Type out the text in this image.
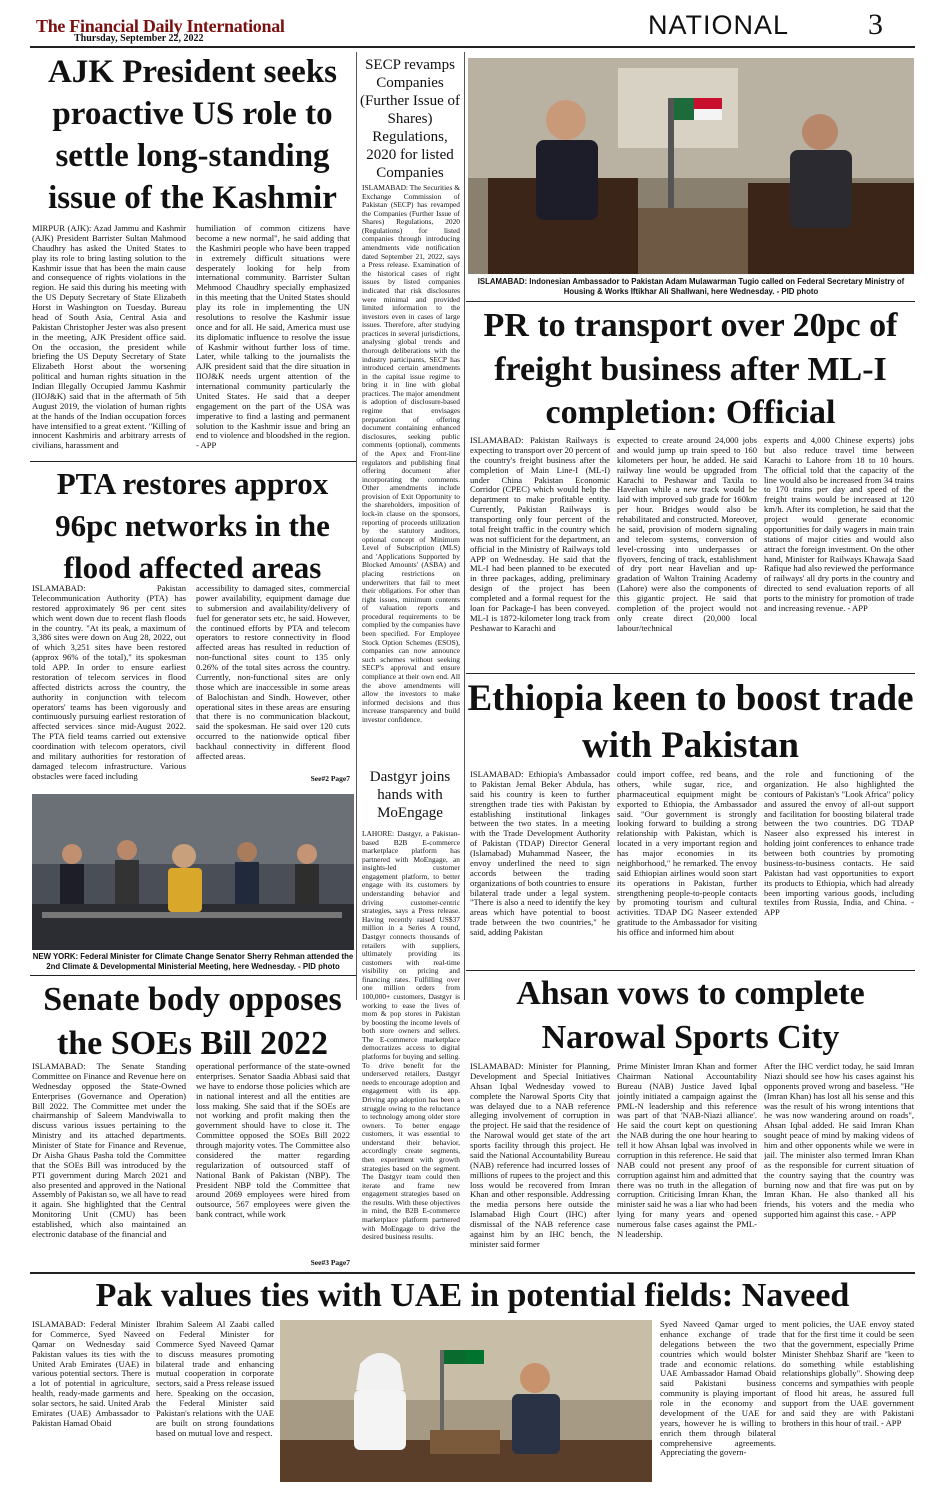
The Financial Daily International
Thursday, September 22, 2022	NATIONAL	3
AJK President seeks proactive US role to settle long-standing issue of the Kashmir
MIRPUR (AJK): Azad Jammu and Kashmir (AJK) President Barrister Sultan Mahmood Chaudhry has asked the United States to play its role to bring lasting solution to the Kashmir issue that has been the main cause and consequence of rights violations in the region. He said this during his meeting with the US Deputy Secretary of State Elizabeth Horst in Washington on Tuesday. Bureau head of South Asia, Central Asia and Pakistan Christopher Jester was also present in the meeting, AJK President office said. On the occasion, the president while briefing the US Deputy Secretary of State Elizabeth Horst about the worsening political and human rights situation in the Indian Illegally Occupied Jammu Kashmir (IIOJ&K) said that in the aftermath of 5th August 2019, the violation of human rights at the hands of the Indian occupation forces have intensified to a great extent. "Killing of innocent Kashmiris and arbitrary arrests of civilians, harassment and
humiliation of common citizens have become a new normal", he said adding that the Kashmiri people who have been trapped in extremely difficult situations were desperately looking for help from international community. Barrister Sultan Mehmood Chaudhry specially emphasized in this meeting that the United States should play its role in implementing the UN resolutions to resolve the Kashmir issue once and for all. He said, America must use its diplomatic influence to resolve the issue of Kashmir without further loss of time. Later, while talking to the journalists the AJK president said that the dire situation in IIOJ&K needs urgent attention of the international community particularly the United States. He said that a deeper engagement on the part of the USA was imperative to find a lasting and permanent solution to the Kashmir issue and bring an end to violence and bloodshed in the region. - APP
SECP revamps Companies (Further Issue of Shares) Regulations, 2020 for listed Companies
ISLAMABAD: The Securities & Exchange Commission of Pakistan (SECP) has revamped the Companies (Further Issue of Shares) Regulations, 2020 (Regulations) for listed companies through introducing amendments vide notification dated September 21, 2022, says a Press release. Examination of the historical cases of right issues by listed companies indicated that risk disclosures were minimal and provided limited information to the investors even in cases of large issues. Therefore, after studying practices in several jurisdictions, analysing global trends and thorough deliberations with the industry participants, SECP has introduced certain amendments in the capital issue regime to bring it in line with global practices. The major amendment is adoption of disclosure-based regime that envisages preparation of offering document containing enhanced disclosures, seeking public comments (optional), comments of the Apex and Front-line regulators and publishing final offering document after incorporating the comments. Other amendments include provision of Exit Opportunity to the shareholders, imposition of lock-in clause on the sponsors, reporting of proceeds utilization by the statutory auditors, optional concept of Minimum Level of Subscription (MLS) and 'Applications Supported by Blocked Amounts' (ASBA) and placing restrictions on underwriters that fail to meet their obligations. For other than right issues, minimum contents of valuation reports and procedural requirements to be complied by the companies have been specified. For Employee Stock Option Schemes (ESOS), companies can now announce such schemes without seeking SECP's approval and ensure compliance at their own end. All the above amendments will allow the investors to make informed decisions and thus increase transparency and build investor confidence.
ISLAMABAD: Indonesian Ambassador to Pakistan Adam Mulawarman Tugio called on Federal Secretary Ministry of Housing & Works Iftikhar Ali Shallwani, here Wednesday. - PID photo
PR to transport over 20pc of freight business after ML-I completion: Official
ISLAMABAD: Pakistan Railways is expecting to transport over 20 percent of the country's freight business after the completion of Main Line-I (ML-I) under China Pakistan Economic Corridor (CPEC) which would help the department to make profitable entity. Currently, Pakistan Railways is transporting only four percent of the total freight traffic in the country which was not sufficient for the department, an official in the Ministry of Railways told APP on Wednesday. He said that the ML-I had been planned to be executed in three packages, adding, preliminary design of the project has been completed and a formal request for the loan for Package-I has been conveyed. ML-I is 1872-kilometer long track from Peshawar to Karachi and
expected to create around 24,000 jobs and would jump up train speed to 160 kilometers per hour, he added. He said railway line would be upgraded from Karachi to Peshawar and Taxila to Havelian while a new track would be laid with improved sub grade for 160km per hour. Bridges would also be rehabilitated and constructed. Moreover, he said, provision of modern signaling and telecom systems, conversion of level-crossing into underpasses or flyovers, fencing of track, establishment of dry port near Havelian and up-gradation of Walton Training Academy (Lahore) were also the components of this gigantic project. He said that completion of the project would not only create direct (20,000 local labour/technical
experts and 4,000 Chinese experts) jobs but also reduce travel time between Karachi to Lahore from 18 to 10 hours. The official told that the capacity of the line would also be increased from 34 trains to 170 trains per day and speed of the freight trains would be increased at 120 km/h. After its completion, he said that the project would generate economic opportunities for daily wagers in main train stations of major cities and would also attract the foreign investment. On the other hand, Minister for Railways Khawaja Saad Rafique had also reviewed the performance of railways' all dry ports in the country and directed to send evaluation reports of all ports to the ministry for promotion of trade and increasing revenue. - APP
PTA restores approx 96pc networks in the flood affected areas
ISLAMABAD: Pakistan Telecommunication Authority (PTA) has restored approximately 96 per cent sites which went down due to recent flash floods in the country. "At its peak, a maximum of 3,386 sites were down on Aug 28, 2022, out of which 3,251 sites have been restored (approx 96% of the total)," its spokesman told APP. In order to ensure earliest restoration of telecom services in flood affected districts across the country, the authority in conjunction with telecom operators' teams has been vigorously and continuously pursuing earliest restoration of affected services since mid-August 2022. The PTA field teams carried out extensive coordination with telecom operators, civil and military authorities for restoration of damaged telecom infrastructure. Various obstacles were faced including
accessibility to damaged sites, commercial power availability, equipment damage due to submersion and availability/delivery of fuel for generator sets etc, he said. However, the continued efforts by PTA and telecom operators to restore connectivity in flood affected areas has resulted in reduction of non-functional sites count to 135 only 0.26% of the total sites across the country. Currently, non-functional sites are only those which are inaccessible in some areas of Balochistan and Sindh. However, other operational sites in these areas are ensuring that there is no communication blackout, said the spokesman. He said over 120 cuts occurred to the nationwide optical fiber backhaul connectivity in different flood affected areas.
See#2 Page7
NEW YORK: Federal Minister for Climate Change Senator Sherry Rehman attended the 2nd Climate & Developmental Ministerial Meeting, here Wednesday. - PID photo
Dastgyr joins hands with MoEngage
LAHORE: Dastgyr, a Pakistan-based B2B E-commerce marketplace platform has partnered with MoEngage, an insights-led customer engagement platform, to better engage with its customers by understanding behavior and driving customer-centric strategies, says a Press release. Having recently raised US$37 million in a Series A round, Dastgyr connects thousands of retailers with suppliers, ultimately providing its customers with real-time visibility on pricing and financing rates. Fulfilling over one million orders from 100,000+ customers, Dastgyr is working to ease the lives of mom & pop stores in Pakistan by boosting the income levels of both store owners and sellers. The E-commerce marketplace democratizes access to digital platforms for buying and selling. To drive benefit for the underserved retailers, Dastgyr needs to encourage adoption and engagement with its app. Driving app adoption has been a struggle owing to the reluctance to technology among older store owners. To better engage customers, it was essential to understand their behavior, accordingly create segments, then experiment with growth strategies based on the segment. The Dastgyr team could then iterate and frame new engagement strategies based on the results. With these objectives in mind, the B2B E-commerce marketplace platform partnered with MoEngage to drive the desired business results.
Ethiopia keen to boost trade with Pakistan
ISLAMABAD: Ethiopia's Ambassador to Pakistan Jemal Beker Abdula, has said his country is keen to further strengthen trade ties with Pakistan by establishing institutional linkages between the two states. In a meeting with the Trade Development Authority of Pakistan (TDAP) Director General (Islamabad) Muhammad Naseer, the envoy underlined the need to sign accords between the trading organizations of both countries to ensure bilateral trade under a legal system. "There is also a need to identify the key areas which have potential to boost trade between the two countries," he said, adding Pakistan
could import coffee, red beans, and others, while sugar, rice, and pharmaceutical equipment might be exported to Ethiopia, the Ambassador said. "Our government is strongly looking forward to building a strong relationship with Pakistan, which is located in a very important region and has major economies in its neighborhood," he remarked. The envoy said Ethiopian airlines would soon start its operations in Pakistan, further strengthening people-to-people contacts by promoting tourism and cultural activities. TDAP DG Naseer extended gratitude to the Ambassador for visiting his office and informed him about
the role and functioning of the organization. He also highlighted the contours of Pakistan's "Look Africa" policy and assured the envoy of all-out support and facilitation for boosting bilateral trade between the two countries. DG TDAP Naseer also expressed his interest in holding joint conferences to enhance trade between both countries by promoting business-to-business contacts. He said Pakistan had vast opportunities to export its products to Ethiopia, which had already been importing various goods, including textiles from Russia, India, and China. - APP
Senate body opposes the SOEs Bill 2022
ISLAMABAD: The Senate Standing Committee on Finance and Revenue here on Wednesday opposed the State-Owned Enterprises (Governance and Operation) Bill 2022. The Committee met under the chairmanship of Saleem Mandviwalla to discuss various issues pertaining to the Ministry and its attached departments. Minister of State for Finance and Revenue, Dr Aisha Ghaus Pasha told the Committee that the SOEs Bill was introduced by the PTI government during March 2021 and also presented and approved in the National Assembly of Pakistan so, we all have to read it again. She highlighted that the Central Monitoring Unit (CMU) has been established, which also maintained an electronic database of the financial and
operational performance of the state-owned enterprises. Senator Saadia Abbasi said that we have to endorse those policies which are in national interest and all the entities are loss making. She said that if the SOEs are not working and profit making then the government should have to close it. The Committee opposed the SOEs Bill 2022 through majority votes. The Committee also considered the matter regarding regularization of outsourced staff of National Bank of Pakistan (NBP). The President NBP told the Committee that around 2069 employees were hired from outsource, 567 employees were given the bank contract, while work
See#3 Page7
Ahsan vows to complete Narowal Sports City
ISLAMABAD: Minister for Planning, Development and Special Initiatives Ahsan Iqbal Wednesday vowed to complete the Narowal Sports City that was delayed due to a NAB reference alleging involvement of corruption in the project. He said that the residence of the Narowal would get state of the art sports facility through this project. He said the National Accountability Bureau (NAB) reference had incurred losses of millions of rupees to the project and this loss would be recovered from Imran Khan and other responsible. Addressing the media persons here outside the Islamabad High Court (IHC) after dismissal of the NAB reference case against him by an IHC bench, the minister said former
Prime Minister Imran Khan and former Chairman National Accountability Bureau (NAB) Justice Javed Iqbal jointly initiated a campaign against the PML-N leadership and this reference was part of that 'NAB-Niazi alliance'. He said the court kept on questioning the NAB during the one hour hearing to tell it how Ahsan Iqbal was involved in corruption in this reference. He said that NAB could not present any proof of corruption against him and admitted that there was no truth in the allegation of corruption. Criticising Imran Khan, the minister said he was a liar who had been lying for many years and opened numerous false cases against the PML-N leadership.
After the IHC verdict today, he said Imran Niazi should see how his cases against his opponents proved wrong and baseless. "He (Imran Khan) has lost all his sense and this was the result of his wrong intentions that he was now wandering around on roads", Ahsan Iqbal added. He said Imran Khan sought peace of mind by making videos of him and other opponents while we were in jail. The minister also termed Imran Khan as the responsible for current situation of the country saying that the country was burning now and that fire was put on by Imran Khan. He also thanked all his friends, his voters and the media who supported him against this case. - APP
Pak values ties with UAE in potential fields: Naveed
ISLAMABAD: Federal Minister for Commerce, Syed Naveed Qamar on Wednesday said Pakistan values its ties with the United Arab Emirates (UAE) in various potential sectors. There is a lot of potential in agriculture, health, ready-made garments and solar sectors, he said. United Arab Emirates (UAE) Ambassador to Pakistan Hamad Obaid
Ibrahim Saleem Al Zaabi called on Federal Minister for Commerce Syed Naveed Qamar to discuss measures promoting bilateral trade and enhancing mutual cooperation in corporate sectors, said a Press release issued here. Speaking on the occasion, the Federal Minister said Pakistan's relations with the UAE are built on strong foundations based on mutual love and respect.
Syed Naveed Qamar urged to enhance exchange of trade delegations between the two countries which would bolster trade and economic relations. UAE Ambassador Hamad Obaid said Pakistani business community is playing important role in the economy and development of the UAE for years, however he is willing to enrich them through bilateral comprehensive agreements. Appreciating the govern-
ment policies, the UAE envoy stated that for the first time it could be seen that the government, especially Prime Minister Shehbaz Sharif are "keen to do something while establishing relationships globally". Showing deep concerns and sympathies with people of flood hit areas, he assured full support from the UAE government and said they are with Pakistani brothers in this hour of trail. - APP
